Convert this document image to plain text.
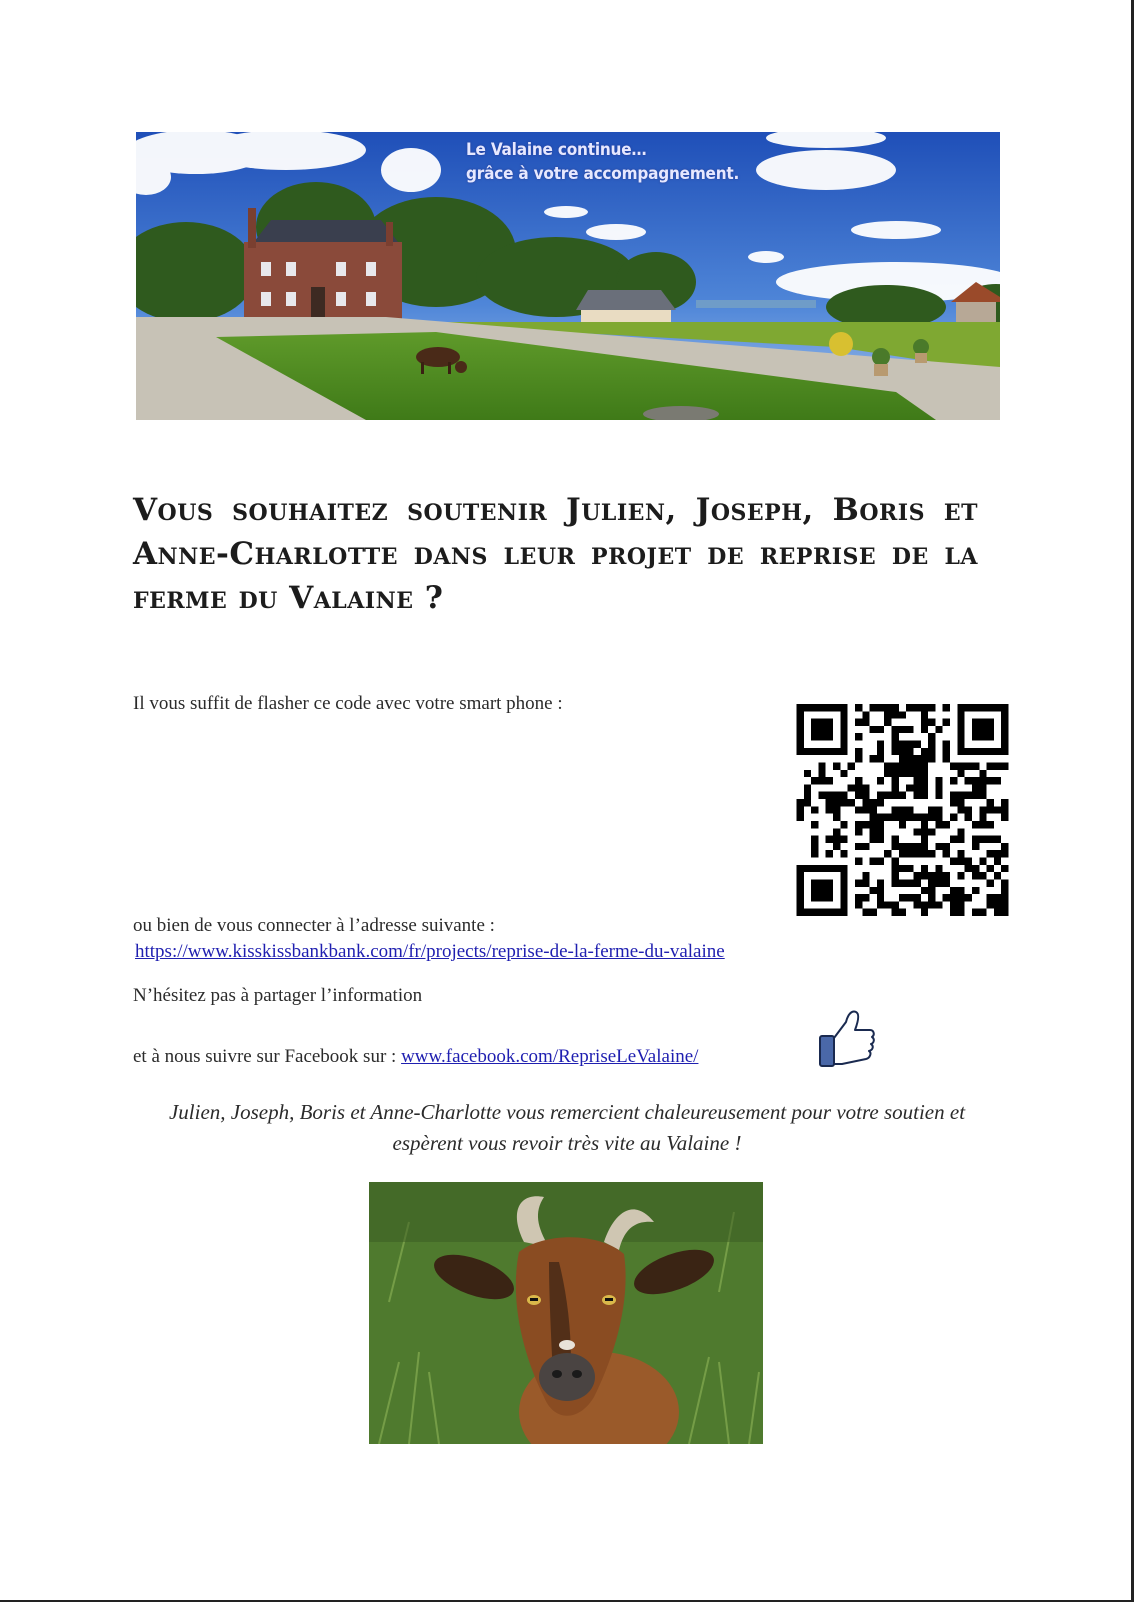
Le Valaine continue…
grâce à votre accompagnement.
Vous souhaitez soutenir Julien, Joseph, Boris et Anne-Charlotte dans leur projet de reprise de la ferme du Valaine ?

Il vous suffit de flasher ce code avec votre smart phone :

ou bien de vous connecter à l’adresse suivante :

https://www.kisskissbankbank.com/fr/projects/reprise-de-la-ferme-du-valaine

N’hésitez pas à partager l’information

et à nous suivre sur Facebook sur : www.facebook.com/RepriseLeValaine/

Julien, Joseph, Boris et Anne-Charlotte vous remercient chaleureusement pour votre soutien et
espèrent vous revoir très vite au Valaine !
